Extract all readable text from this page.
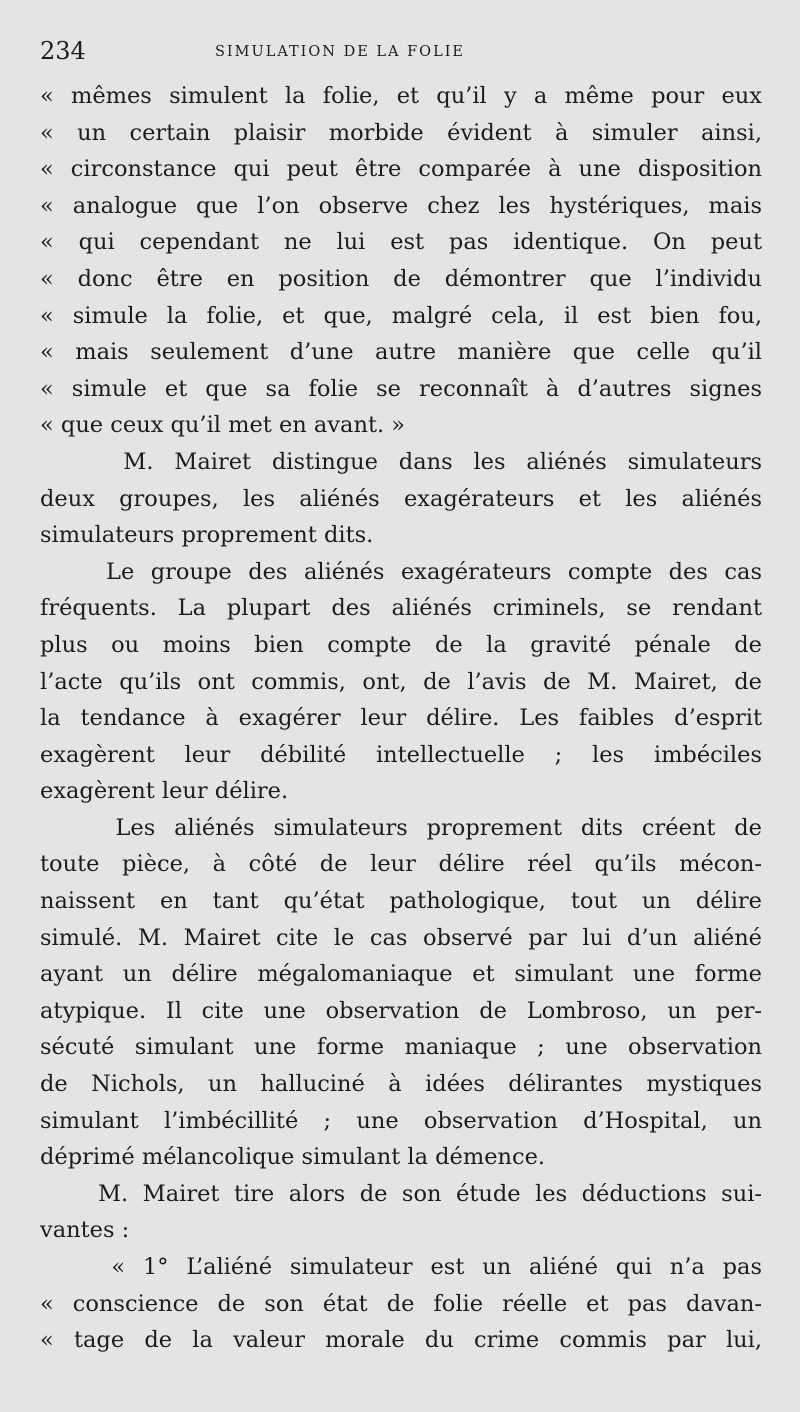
234	SIMULATION DE LA FOLIE
« mêmes simulent la folie, et qu’il y a même pour eux
« un certain plaisir morbide évident à simuler ainsi,
« circonstance qui peut être comparée à une disposition
« analogue que l’on observe chez les hystériques, mais
« qui cependant ne lui est pas identique. On peut
« donc être en position de démontrer que l’individu
« simule la folie, et que, malgré cela, il est bien fou,
« mais seulement d’une autre manière que celle qu’il
« simule et que sa folie se reconnaît à d’autres signes
« que ceux qu’il met en avant. »
M. Mairet distingue dans les aliénés simulateurs
deux groupes, les aliénés exagérateurs et les aliénés
simulateurs proprement dits.
Le groupe des aliénés exagérateurs compte des cas
fréquents. La plupart des aliénés criminels, se rendant
plus ou moins bien compte de la gravité pénale de
l’acte qu’ils ont commis, ont, de l’avis de M. Mairet, de
la tendance à exagérer leur délire. Les faibles d’esprit
exagèrent leur débilité intellectuelle ; les imbéciles
exagèrent leur délire.
Les aliénés simulateurs proprement dits créent de
toute pièce, à côté de leur délire réel qu’ils mécon-
naissent en tant qu’état pathologique, tout un délire
simulé. M. Mairet cite le cas observé par lui d’un aliéné
ayant un délire mégalomaniaque et simulant une forme
atypique. Il cite une observation de Lombroso, un per-
sécuté simulant une forme maniaque ; une observation
de Nichols, un halluciné à idées délirantes mystiques
simulant l’imbécillité ; une observation d’Hospital, un
déprimé mélancolique simulant la démence.
M. Mairet tire alors de son étude les déductions sui-
vantes :
« 1° L’aliéné simulateur est un aliéné qui n’a pas
« conscience de son état de folie réelle et pas davan-
« tage de la valeur morale du crime commis par lui,
